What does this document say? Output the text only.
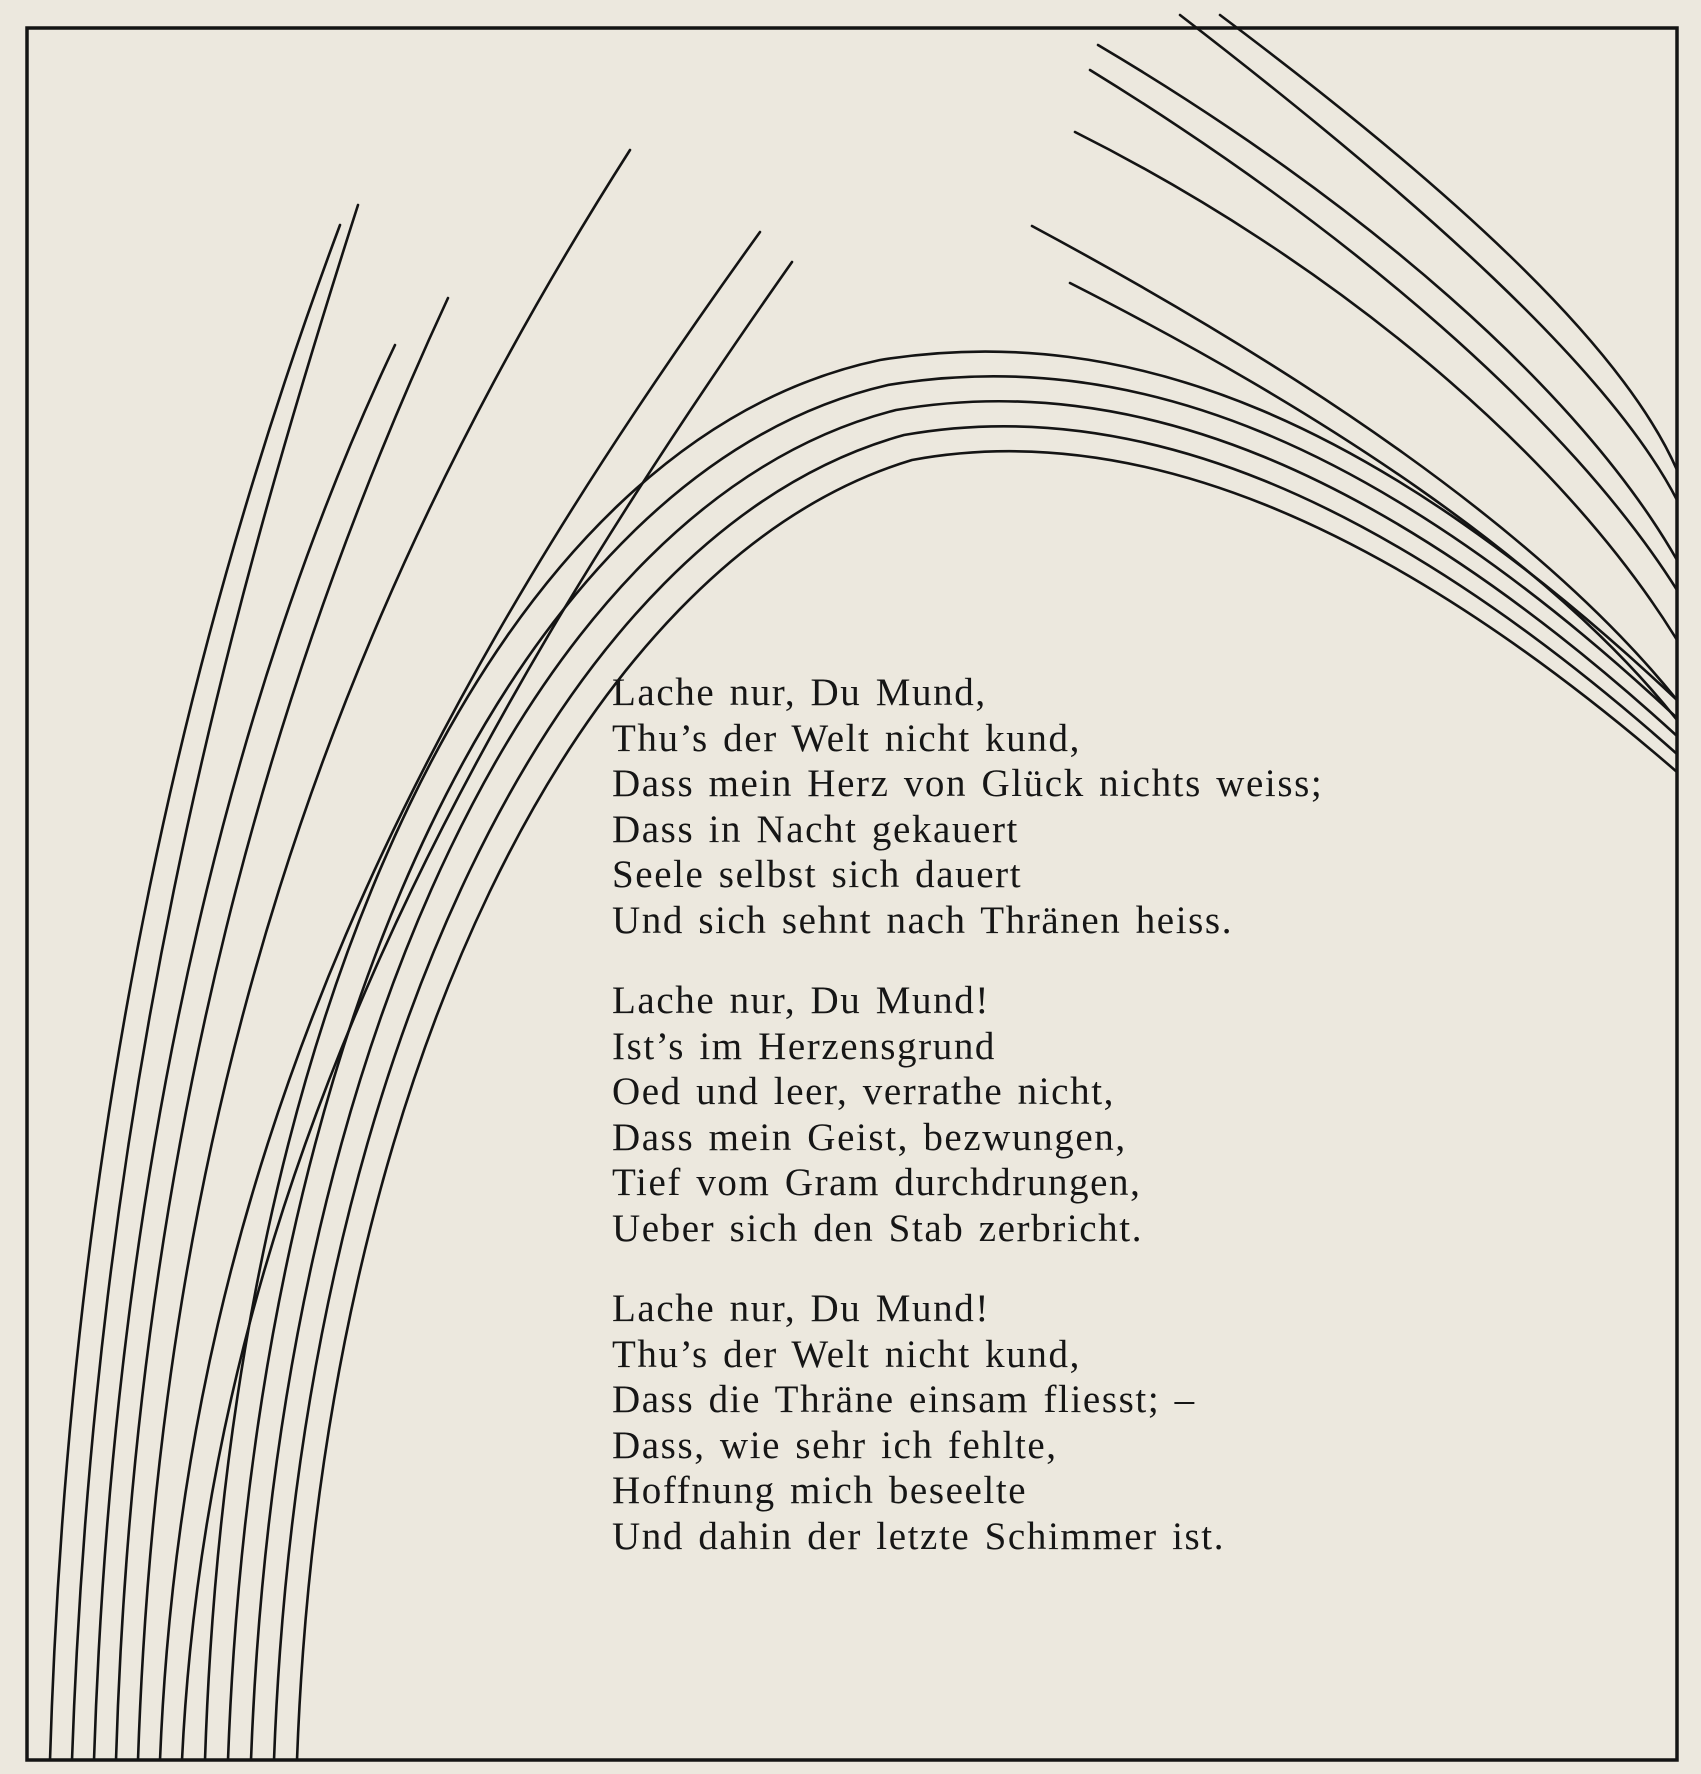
Lache nur, Du Mund,
Thu’s der Welt nicht kund,
Dass mein Herz von Glück nichts weiss;
Dass in Nacht gekauert
Seele selbst sich dauert
Und sich sehnt nach Thränen heiss.
Lache nur, Du Mund!
Ist’s im Herzensgrund
Oed und leer, verrathe nicht,
Dass mein Geist, bezwungen,
Tief vom Gram durchdrungen,
Ueber sich den Stab zerbricht.
Lache nur, Du Mund!
Thu’s der Welt nicht kund,
Dass die Thräne einsam fliesst; –
Dass, wie sehr ich fehlte,
Hoffnung mich beseelte
Und dahin der letzte Schimmer ist.
